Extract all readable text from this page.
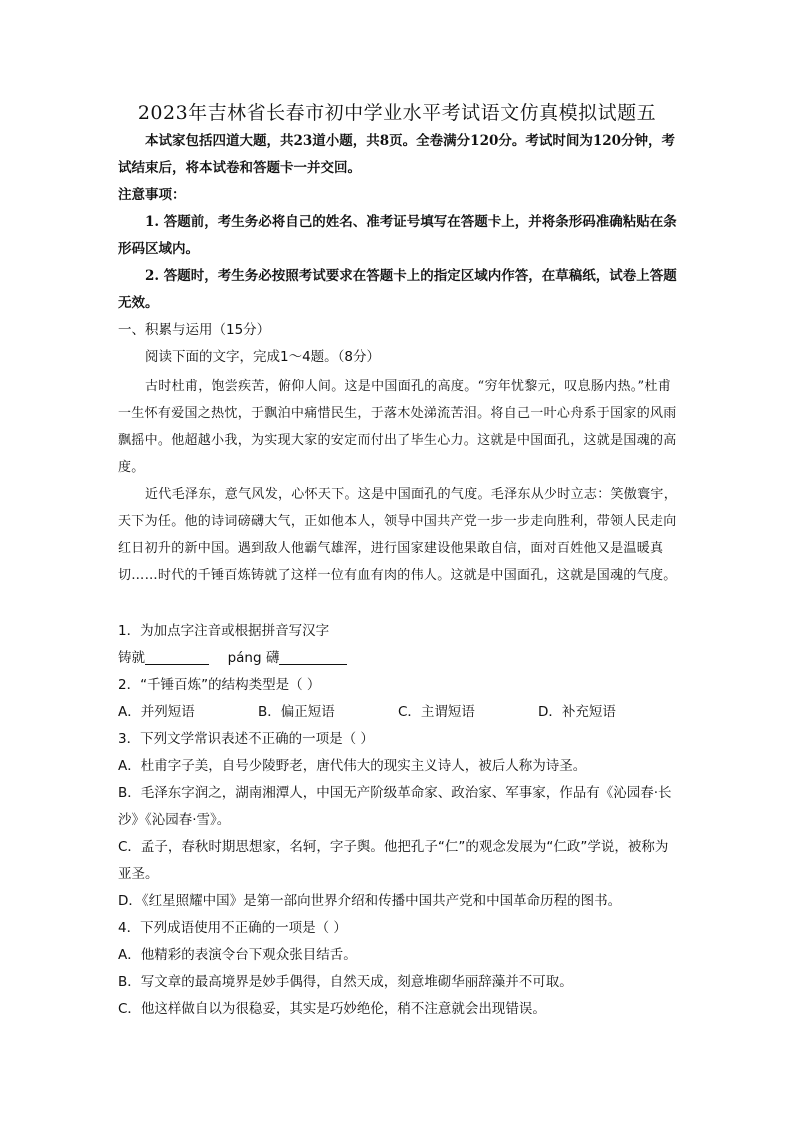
2023年吉林省长春市初中学业水平考试语文仿真模拟试题五

本试家包括四道大题，共23道小题，共8页。全卷满分120分。考试时间为120分钟，考试结束后，将本试卷和答题卡一并交回。

注意事项：

1. 答题前，考生务必将自己的姓名、准考证号填写在答题卡上，并将条形码准确粘贴在条形码区域内。

2. 答题时，考生务必按照考试要求在答题卡上的指定区域内作答，在草稿纸，试卷上答题无效。

一、积累与运用（15分）

阅读下面的文字，完成1～4题。（8分）

古时杜甫，饱尝疾苦，俯仰人间。这是中国面孔的高度。“穷年忧黎元，叹息肠内热。”杜甫一生怀有爱国之热忱，于飘泊中痛惜民生，于落木处涕流苦泪。将自己一叶心舟系于国家的风雨飘摇中。他超越小我，为实现大家的安定而付出了毕生心力。这就是中国面孔，这就是国魂的高度。

近代毛泽东，意气风发，心怀天下。这是中国面孔的气度。毛泽东从少时立志：笑傲寰宇，天下为任。他的诗词磅礴大气，正如他本人，领导中国共产党一步一步走向胜利，带领人民走向红日初升的新中国。遇到敌人他霸气雄浑，进行国家建设他果敢自信，面对百姓他又是温暖真切……时代的千锤百炼铸就了这样一位有血有肉的伟人。这就是中国面孔，这就是国魂的气度。

1．为加点字注音或根据拼音写汉字

铸就	páng 礴

2．“千锤百炼”的结构类型是（ ）

A．并列短语	B．偏正短语	C．主谓短语	D．补充短语

3．下列文学常识表述不正确的一项是（ ）

A．杜甫字子美，自号少陵野老，唐代伟大的现实主义诗人，被后人称为诗圣。

B．毛泽东字润之，湖南湘潭人，中国无产阶级革命家、政治家、军事家，作品有《沁园春·长沙》《沁园春·雪》。

C．孟子，春秋时期思想家，名轲，字子舆。他把孔子“仁”的观念发展为“仁政”学说，被称为亚圣。

D．《红星照耀中国》是第一部向世界介绍和传播中国共产党和中国革命历程的图书。

4．下列成语使用不正确的一项是（ ）

A．他精彩的表演令台下观众张目结舌。

B．写文章的最高境界是妙手偶得，自然天成，刻意堆砌华丽辞藻并不可取。

C．他这样做自以为很稳妥，其实是巧妙绝伦，稍不注意就会出现错误。
